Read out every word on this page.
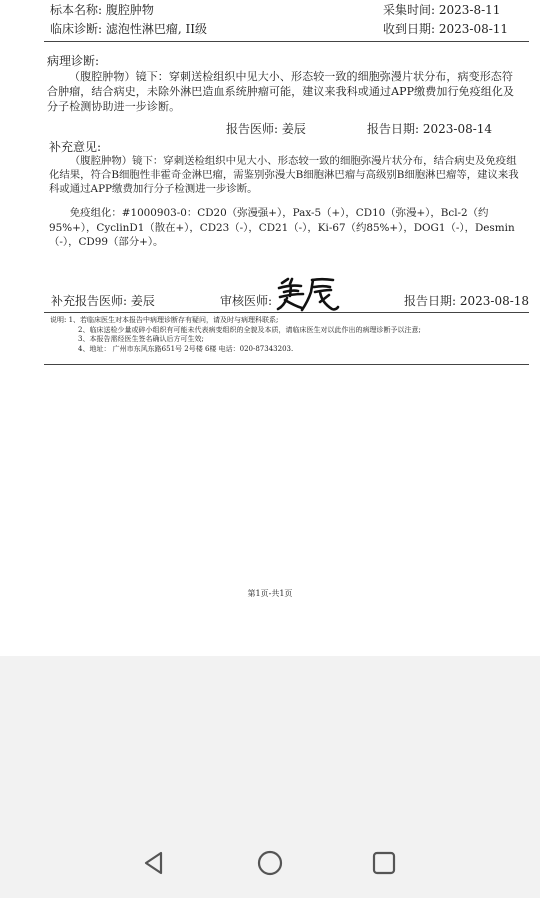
标本名称: 腹腔肿物	采集时间: 2023-8-11
临床诊断: 滤泡性淋巴瘤, II级	收到日期: 2023-08-11
病理诊断:
（腹腔肿物）镜下：穿刺送检组织中见大小、形态较一致的细胞弥漫片状分布，病变形态符合肿瘤，结合病史，未除外淋巴造血系统肿瘤可能，建议来我科或通过APP缴费加行免疫组化及分子检测协助进一步诊断。
报告医师: 姜辰	报告日期: 2023-08-14
补充意见:
（腹腔肿物）镜下：穿刺送检组织中见大小、形态较一致的细胞弥漫片状分布，结合病史及免疫组化结果，符合B细胞性非霍奇金淋巴瘤，需鉴别弥漫大B细胞淋巴瘤与高级别B细胞淋巴瘤等，建议来我科或通过APP缴费加行分子检测进一步诊断。
免疫组化：#1000903-0：CD20（弥漫强+），Pax-5（+），CD10（弥漫+），Bcl-2（约95%+），CyclinD1（散在+），CD23（-），CD21（-），Ki-67（约85%+），DOG1（-），Desmin（-），CD99（部分+）。
补充报告医师: 姜辰	审核医师:	报告日期: 2023-08-18
说明: 1、若临床医生对本报告中病理诊断存有疑问，请及时与病理科联系;
2、临床送检少量或碎小组织有可能未代表病变组织的全貌及本质，请临床医生对以此作出的病理诊断予以注意;
3、本报告需经医生签名确认后方可生效;
4、地址： 广州市东风东路651号 2号楼 6楼 电话：020-87343203.
第1页-共1页
